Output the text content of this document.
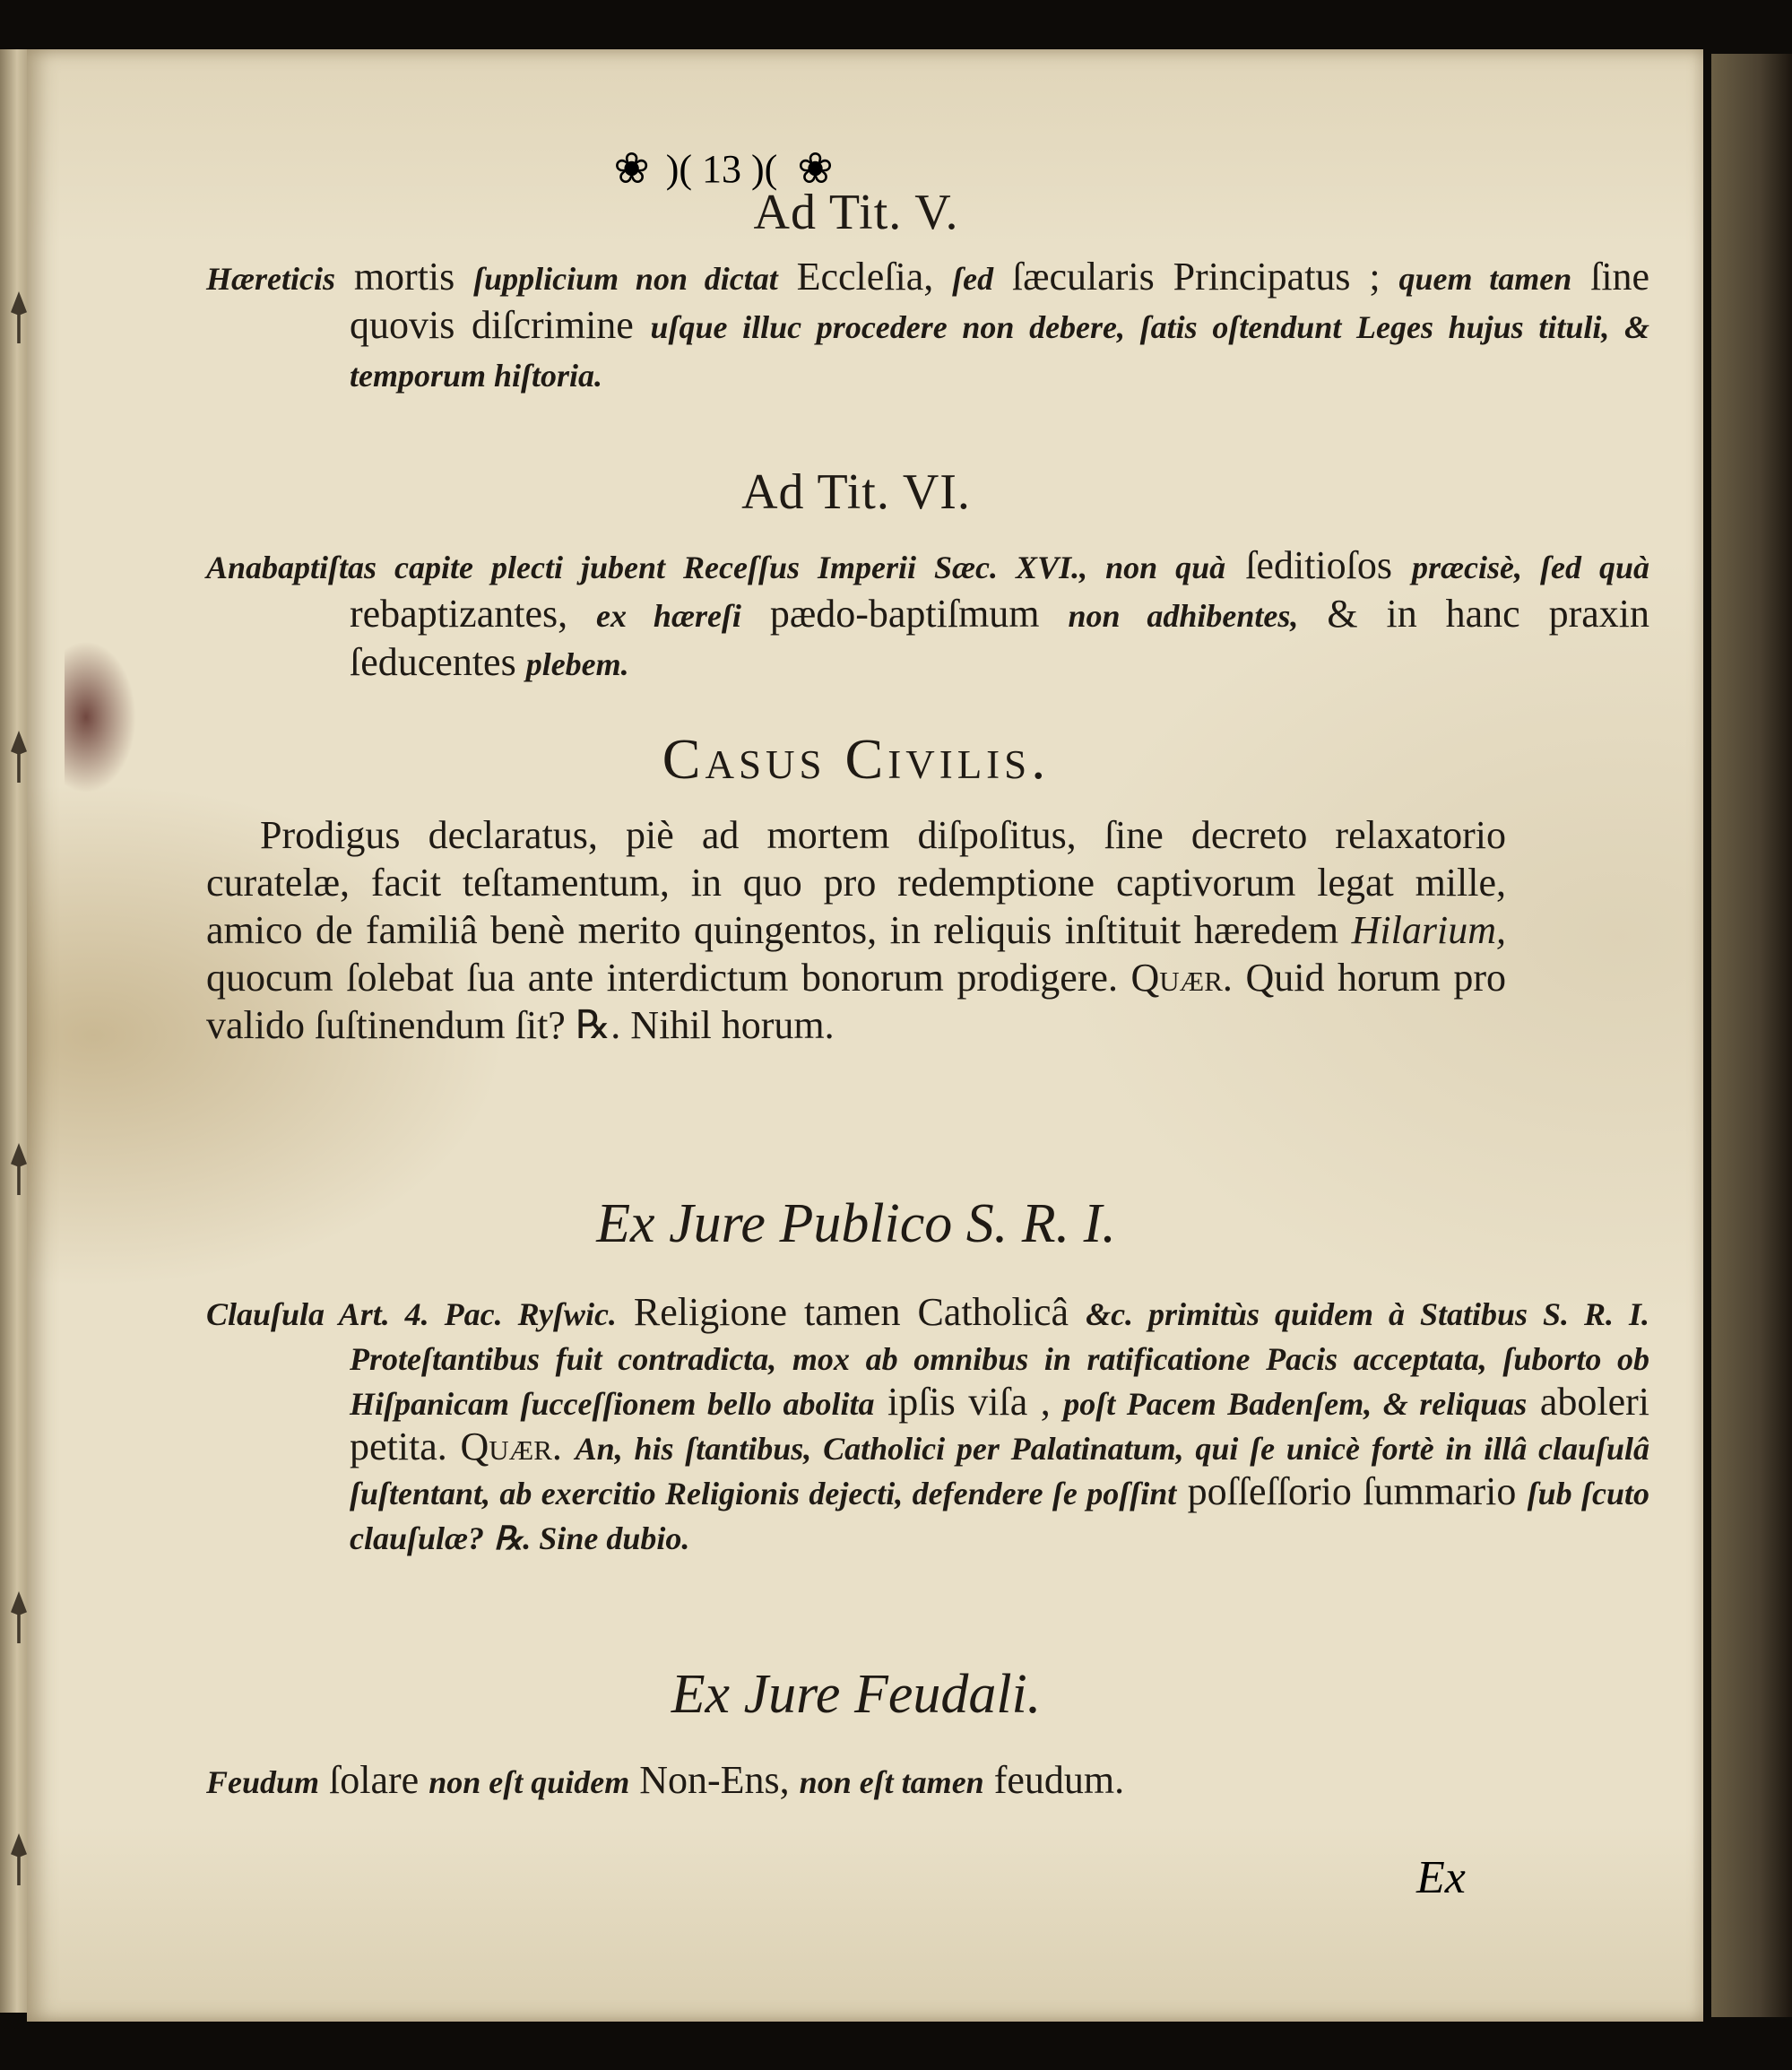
❀ )( 13 )( ❀
Ad Tit. V.
Hæreticis mortis ſupplicium non dictat Eccleſia, ſed ſæcularis Principatus ; quem tamen ſine quovis diſcrimine uſque illuc procedere non debere, ſatis oſtendunt Leges hujus tituli, & temporum hiſtoria.
Ad Tit. VI.
Anabaptiſtas capite plecti jubent Receſſus Imperii Sæc. XVI., non quà ſeditioſos præcisè, ſed quà rebaptizantes, ex hæreſi pædo-baptiſmum non adhibentes, & in hanc praxin ſeducentes plebem.
Casus Civilis.
Prodigus declaratus, piè ad mortem diſpoſitus, ſine decreto relaxatorio curatelæ, facit teſtamentum, in quo pro redemptione captivorum legat mille, amico de familiâ benè merito quingentos, in reliquis inſtituit hæredem Hilarium, quocum ſolebat ſua ante interdictum bonorum prodigere. Quær. Quid horum pro valido ſuſtinendum ſit? ℞. Nihil horum.
Ex Jure Publico S. R. I.
Clauſula Art. 4. Pac. Ryſwic. Religione tamen Catholicâ &c. primitùs quidem à Statibus S. R. I. Proteſtantibus fuit contradicta, mox ab omnibus in ratificatione Pacis acceptata, ſuborto ob Hiſpanicam ſucceſſionem bello abolita ipſis viſa , poſt Pacem Badenſem, & reliquas aboleri petita. Quær. An, his ſtantibus, Catholici per Palatinatum, qui ſe unicè fortè in illâ clauſulâ ſuſtentant, ab exercitio Religionis dejecti, defendere ſe poſſint poſſeſſorio ſummario ſub ſcuto clauſulæ? ℞. Sine dubio.
Ex Jure Feudali.
Feudum ſolare non eſt quidem Non-Ens, non eſt tamen feudum.
Ex
